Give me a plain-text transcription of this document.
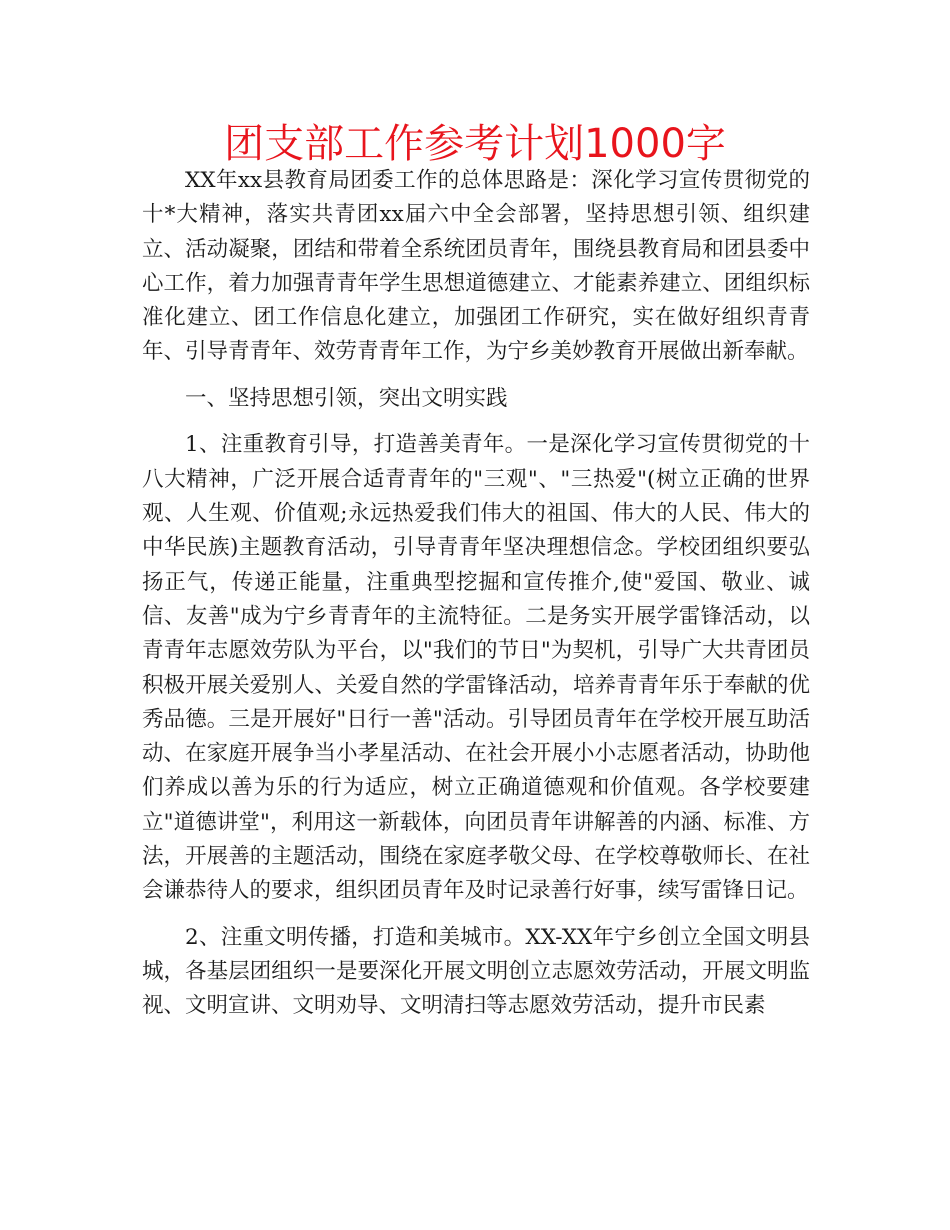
团支部工作参考计划1000字

XX年xx县教育局团委工作的总体思路是：深化学习宣传贯彻党的十*大精神，落实共青团xx届六中全会部署，坚持思想引领、组织建立、活动凝聚，团结和带着全系统团员青年，围绕县教育局和团县委中心工作，着力加强青青年学生思想道德建立、才能素养建立、团组织标准化建立、团工作信息化建立，加强团工作研究，实在做好组织青青年、引导青青年、效劳青青年工作，为宁乡美妙教育开展做出新奉献。

一、坚持思想引领，突出文明实践

1、注重教育引导，打造善美青年。一是深化学习宣传贯彻党的十八大精神，广泛开展合适青青年的"三观"、"三热爱"(树立正确的世界观、人生观、价值观;永远热爱我们伟大的祖国、伟大的人民、伟大的中华民族)主题教育活动，引导青青年坚决理想信念。学校团组织要弘扬正气，传递正能量，注重典型挖掘和宣传推介,使"爱国、敬业、诚信、友善"成为宁乡青青年的主流特征。二是务实开展学雷锋活动，以青青年志愿效劳队为平台，以"我们的节日"为契机，引导广大共青团员积极开展关爱别人、关爱自然的学雷锋活动，培养青青年乐于奉献的优秀品德。三是开展好"日行一善"活动。引导团员青年在学校开展互助活动、在家庭开展争当小孝星活动、在社会开展小小志愿者活动，协助他们养成以善为乐的行为适应，树立正确道德观和价值观。各学校要建立"道德讲堂"，利用这一新载体，向团员青年讲解善的内涵、标准、方法，开展善的主题活动，围绕在家庭孝敬父母、在学校尊敬师长、在社会谦恭待人的要求，组织团员青年及时记录善行好事，续写雷锋日记。

2、注重文明传播，打造和美城市。XX-XX年宁乡创立全国文明县城，各基层团组织一是要深化开展文明创立志愿效劳活动，开展文明监视、文明宣讲、文明劝导、文明清扫等志愿效劳活动，提升市民素
